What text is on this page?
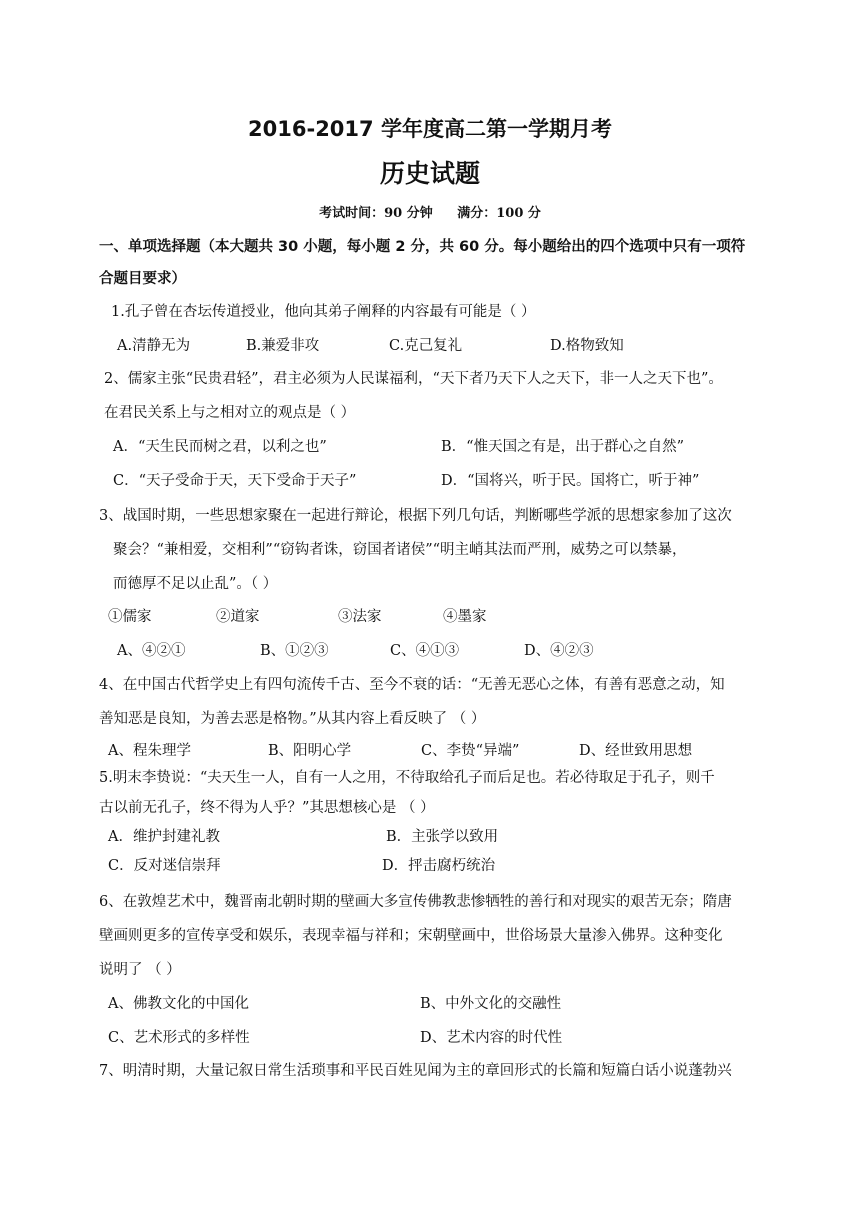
2016-2017 学年度高二第一学期月考
历史试题
考试时间：90 分钟 满分：100 分
一、单项选择题（本大题共 30 小题，每小题 2 分，共 60 分。每小题给出的四个选项中只有一项符
合题目要求）
1.孔子曾在杏坛传道授业，他向其弟子阐释的内容最有可能是（ ）
A.清静无为	B.兼爱非攻	C.克己复礼	D.格物致知
2、儒家主张“民贵君轻”，君主必须为人民谋福利，“天下者乃天下人之天下，非一人之天下也”。
在君民关系上与之相对立的观点是（ ）
A．“天生民而树之君，以利之也”	B．“惟天国之有是，出于群心之自然”
C．“天子受命于天，天下受命于天子”	D．“国将兴，听于民。国将亡，听于神”
3、战国时期，一些思想家聚在一起进行辩论，根据下列几句话，判断哪些学派的思想家参加了这次
聚会？“兼相爱，交相利”“窃钩者诛，窃国者诸侯”“明主峭其法而严刑，威势之可以禁暴，
而德厚不足以止乱”。（ ）
①儒家	②道家	③法家	④墨家
A、④②①	B、①②③	C、④①③	D、④②③
4、在中国古代哲学史上有四句流传千古、至今不衰的话：“无善无恶心之体，有善有恶意之动，知
善知恶是良知，为善去恶是格物。”从其内容上看反映了 （ ）
A、程朱理学	B、阳明心学	C、李贽“异端”	D、经世致用思想
5.明末李贽说：“夫天生一人，自有一人之用，不待取给孔子而后足也。若必待取足于孔子，则千
古以前无孔子，终不得为人乎？”其思想核心是 （ ）
A．维护封建礼教	B．主张学以致用
C．反对迷信崇拜	D．抨击腐朽统治
6、在敦煌艺术中，魏晋南北朝时期的壁画大多宣传佛教悲惨牺牲的善行和对现实的艰苦无奈；隋唐
壁画则更多的宣传享受和娱乐，表现幸福与祥和；宋朝壁画中，世俗场景大量渗入佛界。这种变化
说明了 （ ）
A、佛教文化的中国化	B、中外文化的交融性
C、艺术形式的多样性	D、艺术内容的时代性
7、明清时期，大量记叙日常生活琐事和平民百姓见闻为主的章回形式的长篇和短篇白话小说蓬勃兴
